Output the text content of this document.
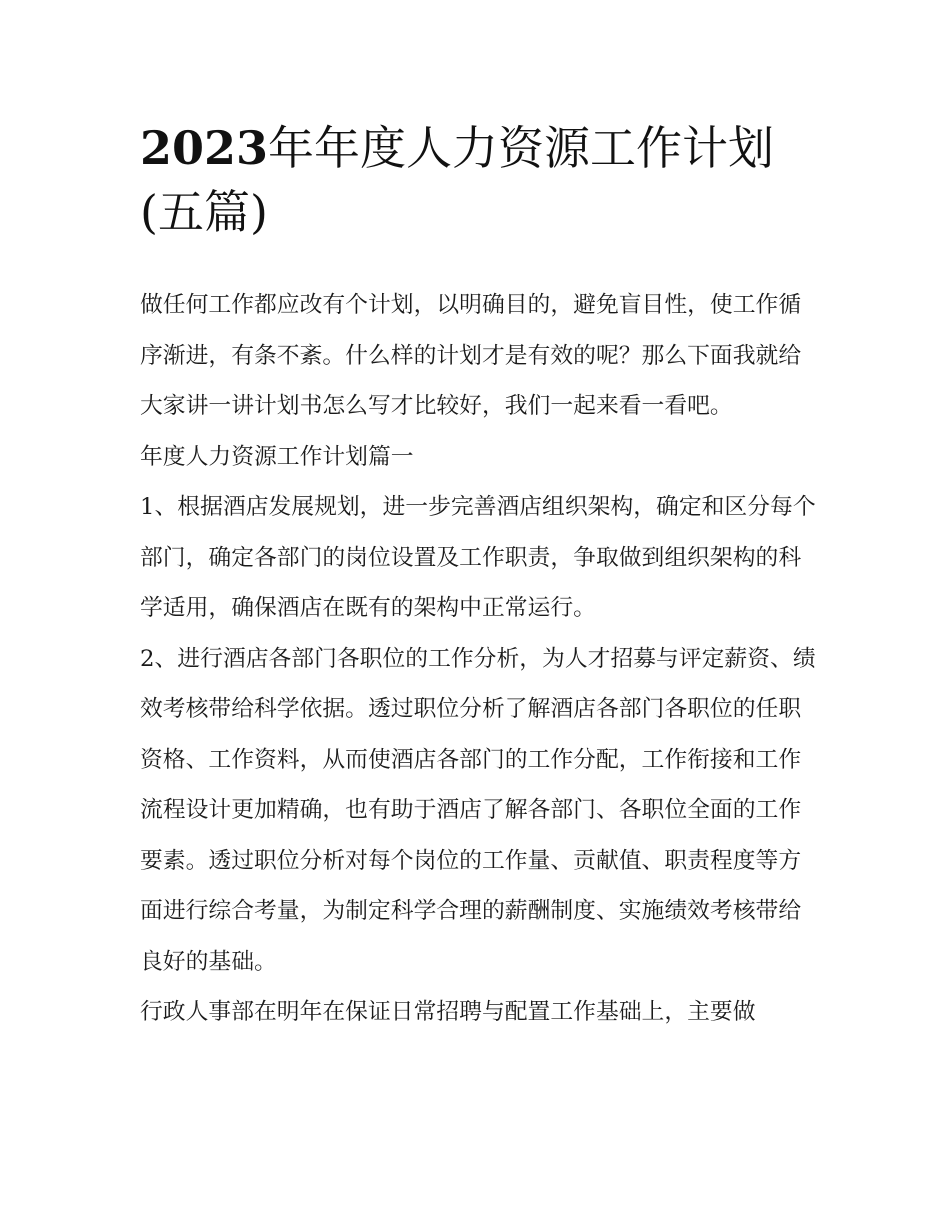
2023年年度人力资源工作计划(五篇)

做任何工作都应改有个计划，以明确目的，避免盲目性，使工作循序渐进，有条不紊。什么样的计划才是有效的呢？那么下面我就给大家讲一讲计划书怎么写才比较好，我们一起来看一看吧。

年度人力资源工作计划篇一

1、根据酒店发展规划，进一步完善酒店组织架构，确定和区分每个部门，确定各部门的岗位设置及工作职责，争取做到组织架构的科学适用，确保酒店在既有的架构中正常运行。

2、进行酒店各部门各职位的工作分析，为人才招募与评定薪资、绩效考核带给科学依据。透过职位分析了解酒店各部门各职位的任职资格、工作资料，从而使酒店各部门的工作分配，工作衔接和工作流程设计更加精确，也有助于酒店了解各部门、各职位全面的工作要素。透过职位分析对每个岗位的工作量、贡献值、职责程度等方面进行综合考量，为制定科学合理的薪酬制度、实施绩效考核带给良好的基础。

行政人事部在明年在保证日常招聘与配置工作基础上，主要做
